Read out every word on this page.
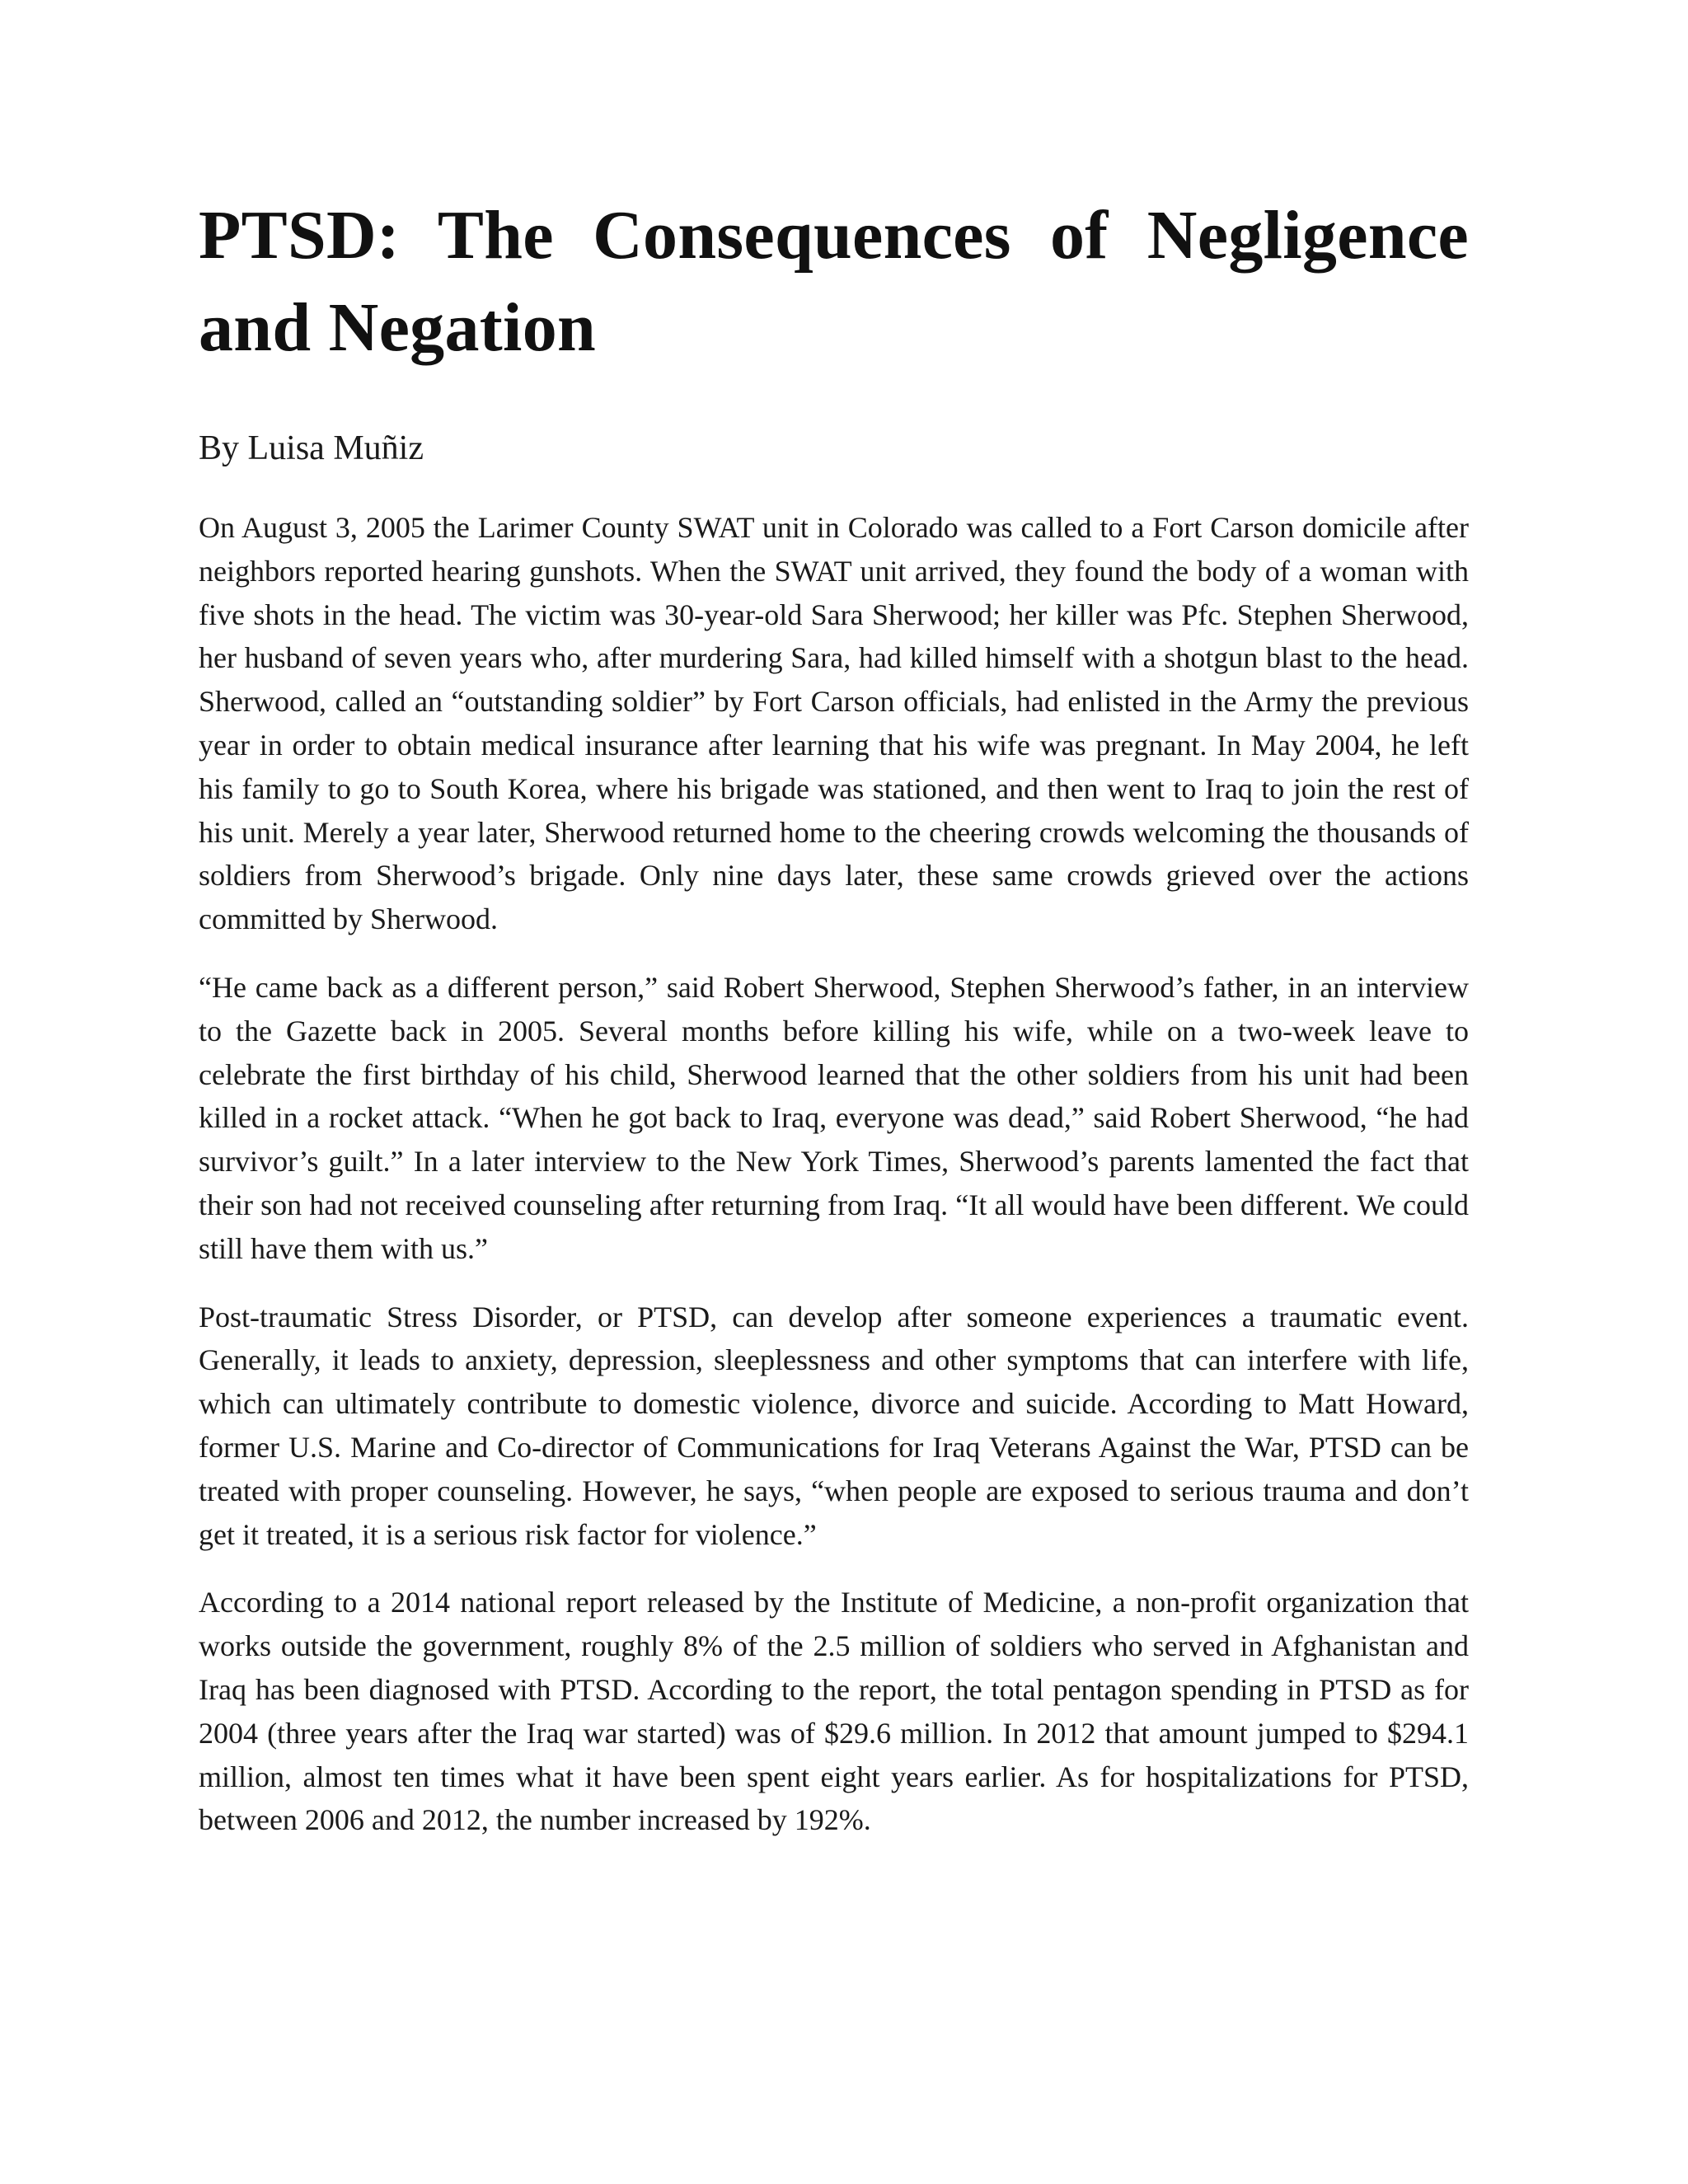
PTSD: The Consequences of Negligence and Negation
By Luisa Muñiz

On August 3, 2005 the Larimer County SWAT unit in Colorado was called to a Fort Carson domicile after neighbors reported hearing gunshots. When the SWAT unit arrived, they found the body of a woman with five shots in the head. The victim was 30-year-old Sara Sherwood; her killer was Pfc. Stephen Sherwood, her husband of seven years who, after murdering Sara, had killed himself with a shotgun blast to the head. Sherwood, called an “outstanding soldier” by Fort Carson officials, had enlisted in the Army the previous year in order to obtain medical insurance after learning that his wife was pregnant. In May 2004, he left his family to go to South Korea, where his brigade was stationed, and then went to Iraq to join the rest of his unit. Merely a year later, Sherwood returned home to the cheering crowds welcoming the thousands of soldiers from Sherwood’s brigade. Only nine days later, these same crowds grieved over the actions committed by Sherwood.

“He came back as a different person,” said Robert Sherwood, Stephen Sherwood’s father, in an interview to the Gazette back in 2005. Several months before killing his wife, while on a two-week leave to celebrate the first birthday of his child, Sherwood learned that the other soldiers from his unit had been killed in a rocket attack. “When he got back to Iraq, everyone was dead,” said Robert Sherwood, “he had survivor’s guilt.” In a later interview to the New York Times, Sherwood’s parents lamented the fact that their son had not received counseling after returning from Iraq. “It all would have been different. We could still have them with us.”

Post-traumatic Stress Disorder, or PTSD, can develop after someone experiences a traumatic event. Generally, it leads to anxiety, depression, sleeplessness and other symptoms that can interfere with life, which can ultimately contribute to domestic violence, divorce and suicide. According to Matt Howard, former U.S. Marine and Co-director of Communications for Iraq Veterans Against the War, PTSD can be treated with proper counseling. However, he says, “when people are exposed to serious trauma and don’t get it treated, it is a serious risk factor for violence.”

According to a 2014 national report released by the Institute of Medicine, a non-profit organization that works outside the government, roughly 8% of the 2.5 million of soldiers who served in Afghanistan and Iraq has been diagnosed with PTSD. According to the report, the total pentagon spending in PTSD as for 2004 (three years after the Iraq war started) was of $29.6 million. In 2012 that amount jumped to $294.1 million, almost ten times what it have been spent eight years earlier. As for hospitalizations for PTSD, between 2006 and 2012, the number increased by 192%.
